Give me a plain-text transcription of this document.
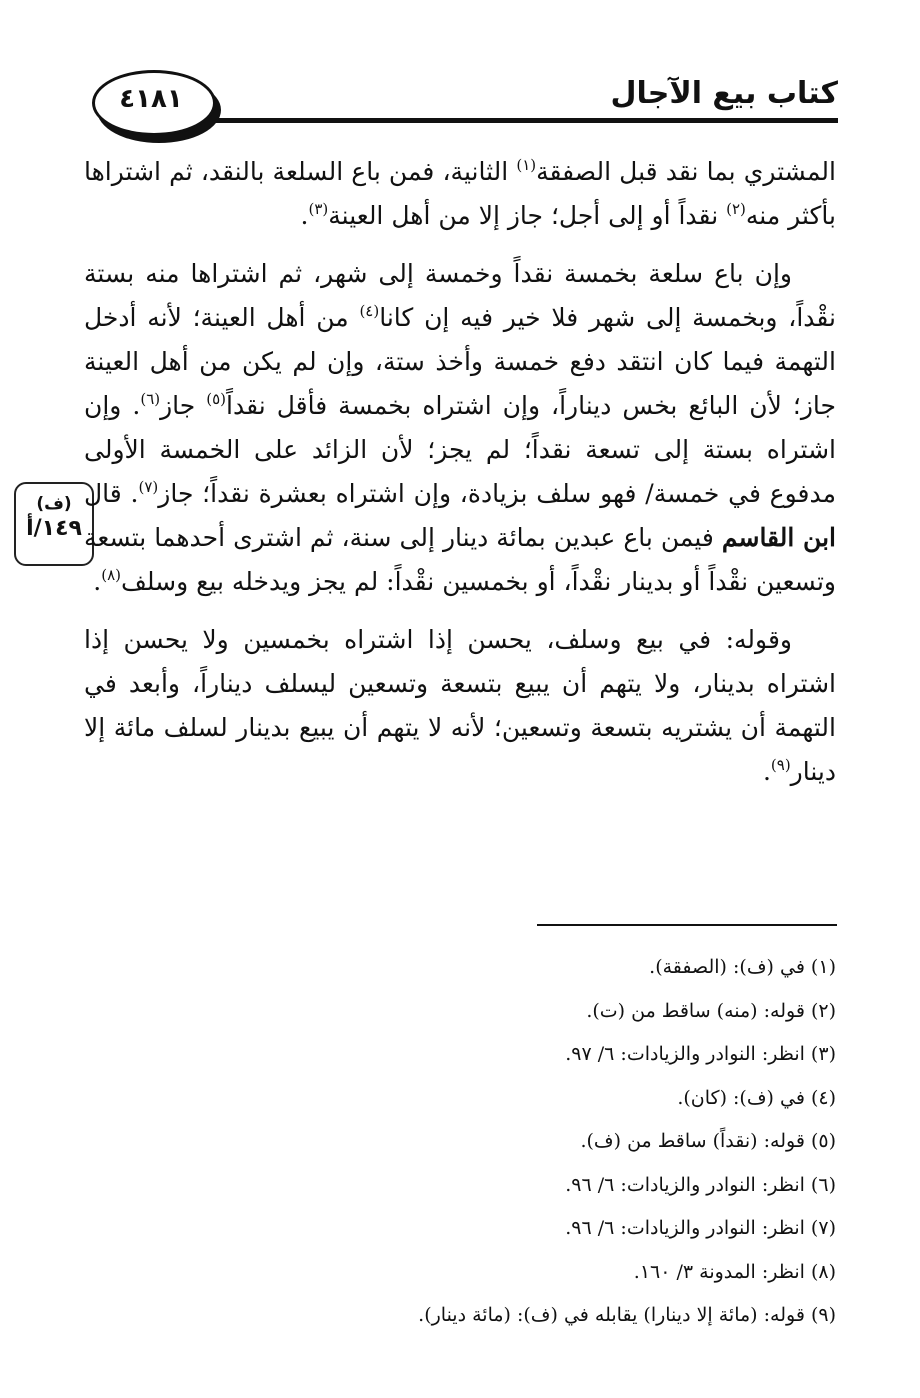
كتاب بيع الآجال
٤١٨١
(ف)
١٤٩/أ

المشتري بما نقد قبل الصفقة$^{(١)}$ الثانية، فمن باع السلعة بالنقد، ثم اشتراها بأكثر منه$^{(٢)}$ نقداً أو إلى أجل؛ جاز إلا من أهل العينة$^{(٣)}$.

وإن باع سلعة بخمسة نقداً وخمسة إلى شهر، ثم اشتراها منه بستة نقْداً، وبخمسة إلى شهر فلا خير فيه إن كانا$^{(٤)}$ من أهل العينة؛ لأنه أدخل التهمة فيما كان انتقد دفع خمسة وأخذ ستة، وإن لم يكن من أهل العينة جاز؛ لأن البائع بخس ديناراً، وإن اشتراه بخمسة فأقل نقداً$^{(٥)}$ جاز$^{(٦)}$. وإن اشتراه بستة إلى تسعة نقداً؛ لم يجز؛ لأن الزائد على الخمسة الأولى مدفوع في خمسة/ فهو سلف بزيادة، وإن اشتراه بعشرة نقداً؛ جاز$^{(٧)}$. قال ابن القاسم فيمن باع عبدين بمائة دينار إلى سنة، ثم اشترى أحدهما بتسعة وتسعين نقْداً أو بدينار نقْداً، أو بخمسين نقْداً: لم يجز ويدخله بيع وسلف$^{(٨)}$.

وقوله: في بيع وسلف، يحسن إذا اشتراه بخمسين ولا يحسن إذا اشتراه بدينار، ولا يتهم أن يبيع بتسعة وتسعين ليسلف ديناراً، وأبعد في التهمة أن يشتريه بتسعة وتسعين؛ لأنه لا يتهم أن يبيع بدينار لسلف مائة إلا دينار$^{(٩)}$.

(١) في (ف): (الصفقة).
(٢) قوله: (منه) ساقط من (ت).
(٣) انظر: النوادر والزيادات: ٦/ ٩٧.
(٤) في (ف): (كان).
(٥) قوله: (نقداً) ساقط من (ف).
(٦) انظر: النوادر والزيادات: ٦/ ٩٦.
(٧) انظر: النوادر والزيادات: ٦/ ٩٦.
(٨) انظر: المدونة ٣/ ١٦٠.
(٩) قوله: (مائة إلا دينارا) يقابله في (ف): (مائة دينار).
